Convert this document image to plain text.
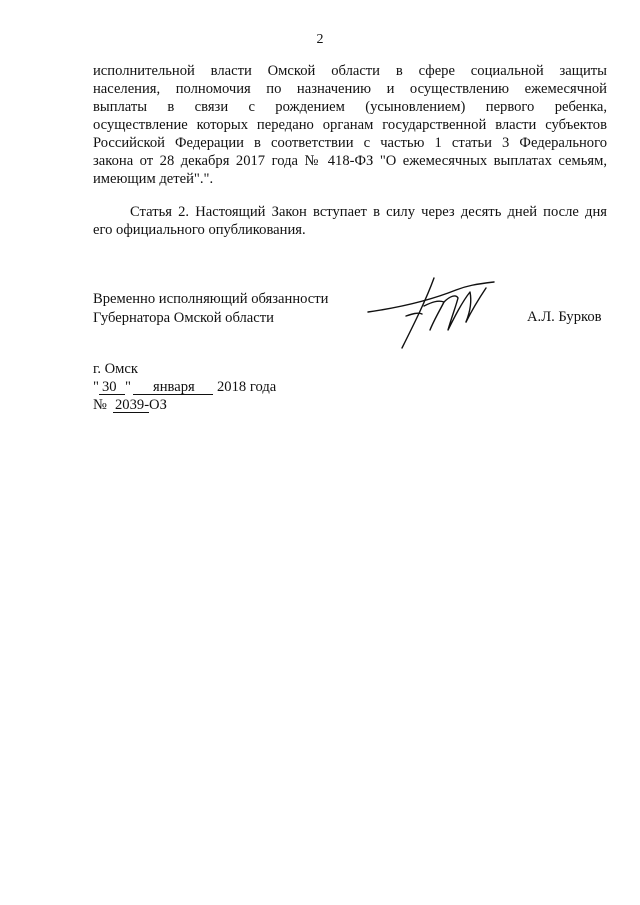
2
исполнительной власти Омской области в сфере социальной защиты
населения, полномочия по назначению и осуществлению ежемесячной
выплаты в связи с рождением (усыновлением) первого ребенка,
осуществление которых передано органам государственной власти субъектов
Российской Федерации в соответствии с частью 1 статьи 3 Федерального
закона от 28 декабря 2017 года № 418-ФЗ "О ежемесячных выплатах семьям,
имеющим детей".".
Статья 2. Настоящий Закон вступает в силу через десять дней после дня
его официального опубликования.
Временно исполняющий обязанности
Губернатора Омской области	А.Л. Бурков
г. Омск
" 30 " января 2018 года
№ 2039-ОЗ
